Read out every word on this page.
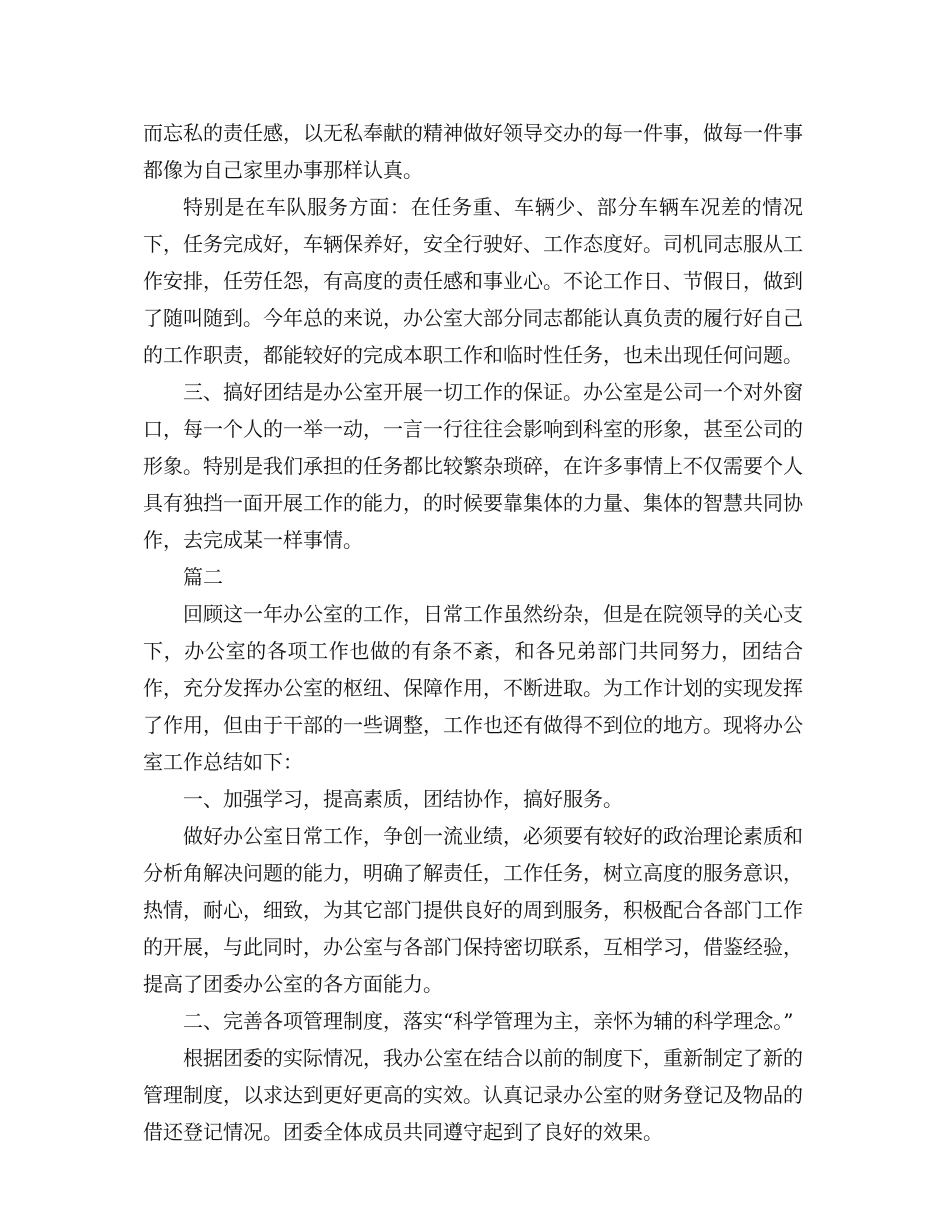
而忘私的责任感，以无私奉献的精神做好领导交办的每一件事，做每一件事都像为自己家里办事那样认真。

特别是在车队服务方面：在任务重、车辆少、部分车辆车况差的情况下，任务完成好，车辆保养好，安全行驶好、工作态度好。司机同志服从工作安排，任劳任怨，有高度的责任感和事业心。不论工作日、节假日，做到了随叫随到。今年总的来说，办公室大部分同志都能认真负责的履行好自己的工作职责，都能较好的完成本职工作和临时性任务，也未出现任何问题。

三、搞好团结是办公室开展一切工作的保证。办公室是公司一个对外窗口，每一个人的一举一动，一言一行往往会影响到科室的形象，甚至公司的形象。特别是我们承担的任务都比较繁杂琐碎，在许多事情上不仅需要个人具有独挡一面开展工作的能力，的时候要靠集体的力量、集体的智慧共同协作，去完成某一样事情。

篇二

回顾这一年办公室的工作，日常工作虽然纷杂，但是在院领导的关心支下，办公室的各项工作也做的有条不紊，和各兄弟部门共同努力，团结合作，充分发挥办公室的枢纽、保障作用，不断进取。为工作计划的实现发挥了作用，但由于干部的一些调整，工作也还有做得不到位的地方。现将办公室工作总结如下：

一、加强学习，提高素质，团结协作，搞好服务。

做好办公室日常工作，争创一流业绩，必须要有较好的政治理论素质和分析角解决问题的能力，明确了解责任，工作任务，树立高度的服务意识，热情，耐心，细致，为其它部门提供良好的周到服务，积极配合各部门工作的开展，与此同时，办公室与各部门保持密切联系，互相学习，借鉴经验，提高了团委办公室的各方面能力。

二、完善各项管理制度，落实“科学管理为主，亲怀为辅的科学理念。”

根据团委的实际情况，我办公室在结合以前的制度下，重新制定了新的管理制度，以求达到更好更高的实效。认真记录办公室的财务登记及物品的借还登记情况。团委全体成员共同遵守起到了良好的效果。
